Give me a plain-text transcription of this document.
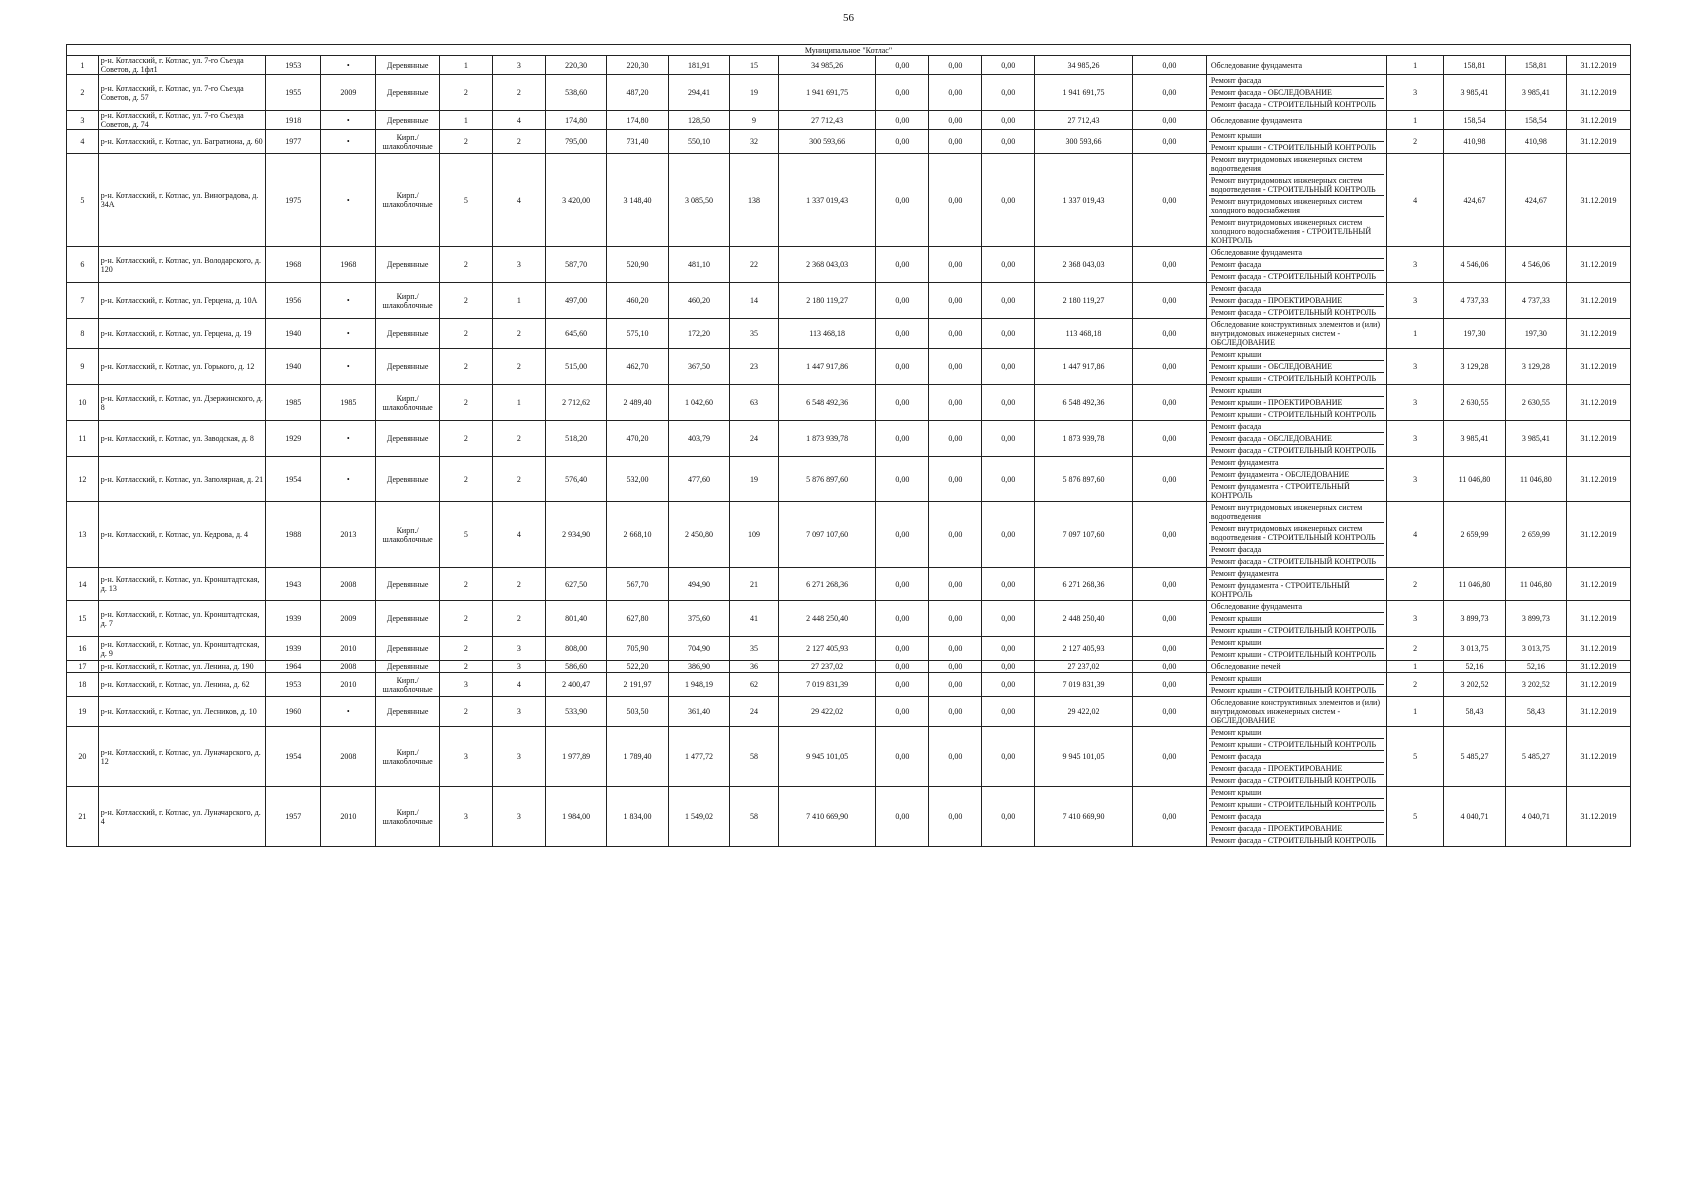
56
Муниципальное "Котлас"																					
1	р-н. Котласский, г. Котлас, ул. 7-го Съезда Советов, д. 1фл1	1953	•	Деревянные	1	3	220,30	220,30	181,91	15	34 985,26	0,00	0,00	0,00	34 985,26	0,00	Обследование фундамента	1	158,81	158,81	31.12.2019
2	р-н. Котласский, г. Котлас, ул. 7-го Съезда Советов, д. 57	1955	2009	Деревянные	2	2	538,60	487,20	294,41	19	1 941 691,75	0,00	0,00	0,00	1 941 691,75	0,00	Ремонт фасада
Ремонт фасада - ОБСЛЕДОВАНИЕ
Ремонт фасада - СТРОИТЕЛЬНЫЙ КОНТРОЛЬ	3	3 985,41	3 985,41	31.12.2019
3	р-н. Котласский, г. Котлас, ул. 7-го Съезда Советов, д. 74	1918	•	Деревянные	1	4	174,80	174,80	128,50	9	27 712,43	0,00	0,00	0,00	27 712,43	0,00	Обследование фундамента	1	158,54	158,54	31.12.2019
4	р-н. Котласский, г. Котлас, ул. Багратиона, д. 60	1977	•	Кирп./шлакоблочные	2	2	795,00	731,40	550,10	32	300 593,66	0,00	0,00	0,00	300 593,66	0,00	Ремонт крыши
Ремонт крыши - СТРОИТЕЛЬНЫЙ КОНТРОЛЬ	2	410,98	410,98	31.12.2019
5	р-н. Котласский, г. Котлас, ул. Виноградова, д. 34А	1975	•	Кирп./шлакоблочные	5	4	3 420,00	3 148,40	3 085,50	138	1 337 019,43	0,00	0,00	0,00	1 337 019,43	0,00	Ремонт внутридомовых инженерных систем водоотведения
Ремонт внутридомовых инженерных систем водоотведения - СТРОИТЕЛЬНЫЙ КОНТРОЛЬ
Ремонт внутридомовых инженерных систем холодного водоснабжения
Ремонт внутридомовых инженерных систем холодного водоснабжения - СТРОИТЕЛЬНЫЙ КОНТРОЛЬ	4	424,67	424,67	31.12.2019
6	р-н. Котласский, г. Котлас, ул. Володарского, д. 120	1968	1968	Деревянные	2	3	587,70	520,90	481,10	22	2 368 043,03	0,00	0,00	0,00	2 368 043,03	0,00	Обследование фундамента
Ремонт фасада
Ремонт фасада - СТРОИТЕЛЬНЫЙ КОНТРОЛЬ	3	4 546,06	4 546,06	31.12.2019
7	р-н. Котласский, г. Котлас, ул. Герцена, д. 10А	1956	•	Кирп./шлакоблочные	2	1	497,00	460,20	460,20	14	2 180 119,27	0,00	0,00	0,00	2 180 119,27	0,00	Ремонт фасада
Ремонт фасада - ПРОЕКТИРОВАНИЕ
Ремонт фасада - СТРОИТЕЛЬНЫЙ КОНТРОЛЬ	3	4 737,33	4 737,33	31.12.2019
8	р-н. Котласский, г. Котлас, ул. Герцена, д. 19	1940	•	Деревянные	2	2	645,60	575,10	172,20	35	113 468,18	0,00	0,00	0,00	113 468,18	0,00	Обследование конструктивных элементов и (или) внутридомовых инженерных систем - ОБСЛЕДОВАНИЕ	1	197,30	197,30	31.12.2019
9	р-н. Котласский, г. Котлас, ул. Горького, д. 12	1940	•	Деревянные	2	2	515,00	462,70	367,50	23	1 447 917,86	0,00	0,00	0,00	1 447 917,86	0,00	Ремонт крыши
Ремонт крыши - ОБСЛЕДОВАНИЕ
Ремонт крыши - СТРОИТЕЛЬНЫЙ КОНТРОЛЬ	3	3 129,28	3 129,28	31.12.2019
10	р-н. Котласский, г. Котлас, ул. Дзержинского, д. 8	1985	1985	Кирп./шлакоблочные	2	1	2 712,62	2 489,40	1 042,60	63	6 548 492,36	0,00	0,00	0,00	6 548 492,36	0,00	Ремонт крыши
Ремонт крыши - ПРОЕКТИРОВАНИЕ
Ремонт крыши - СТРОИТЕЛЬНЫЙ КОНТРОЛЬ	3	2 630,55	2 630,55	31.12.2019
11	р-н. Котласский, г. Котлас, ул. Заводская, д. 8	1929	•	Деревянные	2	2	518,20	470,20	403,79	24	1 873 939,78	0,00	0,00	0,00	1 873 939,78	0,00	Ремонт фасада
Ремонт фасада - ОБСЛЕДОВАНИЕ
Ремонт фасада - СТРОИТЕЛЬНЫЙ КОНТРОЛЬ	3	3 985,41	3 985,41	31.12.2019
12	р-н. Котласский, г. Котлас, ул. Заполярная, д. 21	1954	•	Деревянные	2	2	576,40	532,00	477,60	19	5 876 897,60	0,00	0,00	0,00	5 876 897,60	0,00	Ремонт фундамента
Ремонт фундамента - ОБСЛЕДОВАНИЕ
Ремонт фундамента - СТРОИТЕЛЬНЫЙ КОНТРОЛЬ	3	11 046,80	11 046,80	31.12.2019
13	р-н. Котласский, г. Котлас, ул. Кедрова, д. 4	1988	2013	Кирп./шлакоблочные	5	4	2 934,90	2 668,10	2 450,80	109	7 097 107,60	0,00	0,00	0,00	7 097 107,60	0,00	Ремонт внутридомовых инженерных систем водоотведения
Ремонт внутридомовых инженерных систем водоотведения - СТРОИТЕЛЬНЫЙ КОНТРОЛЬ
Ремонт фасада
Ремонт фасада - СТРОИТЕЛЬНЫЙ КОНТРОЛЬ	4	2 659,99	2 659,99	31.12.2019
14	р-н. Котласский, г. Котлас, ул. Кронштадтская, д. 13	1943	2008	Деревянные	2	2	627,50	567,70	494,90	21	6 271 268,36	0,00	0,00	0,00	6 271 268,36	0,00	Ремонт фундамента
Ремонт фундамента - СТРОИТЕЛЬНЫЙ КОНТРОЛЬ	2	11 046,80	11 046,80	31.12.2019
15	р-н. Котласский, г. Котлас, ул. Кронштадтская, д. 7	1939	2009	Деревянные	2	2	801,40	627,80	375,60	41	2 448 250,40	0,00	0,00	0,00	2 448 250,40	0,00	Обследование фундамента
Ремонт крыши
Ремонт крыши - СТРОИТЕЛЬНЫЙ КОНТРОЛЬ	3	3 899,73	3 899,73	31.12.2019
16	р-н. Котласский, г. Котлас, ул. Кронштадтская, д. 9	1939	2010	Деревянные	2	3	808,00	705,90	704,90	35	2 127 405,93	0,00	0,00	0,00	2 127 405,93	0,00	Ремонт крыши
Ремонт крыши - СТРОИТЕЛЬНЫЙ КОНТРОЛЬ	2	3 013,75	3 013,75	31.12.2019
17	р-н. Котласский, г. Котлас, ул. Ленина, д. 190	1964	2008	Деревянные	2	3	586,60	522,20	386,90	36	27 237,02	0,00	0,00	0,00	27 237,02	0,00	Обследование печей	1	52,16	52,16	31.12.2019
18	р-н. Котласский, г. Котлас, ул. Ленина, д. 62	1953	2010	Кирп./шлакоблочные	3	4	2 400,47	2 191,97	1 948,19	62	7 019 831,39	0,00	0,00	0,00	7 019 831,39	0,00	Ремонт крыши
Ремонт крыши - СТРОИТЕЛЬНЫЙ КОНТРОЛЬ	2	3 202,52	3 202,52	31.12.2019
19	р-н. Котласский, г. Котлас, ул. Лесников, д. 10	1960	•	Деревянные	2	3	533,90	503,50	361,40	24	29 422,02	0,00	0,00	0,00	29 422,02	0,00	Обследование конструктивных элементов и (или) внутридомовых инженерных систем - ОБСЛЕДОВАНИЕ	1	58,43	58,43	31.12.2019
20	р-н. Котласский, г. Котлас, ул. Луначарского, д. 12	1954	2008	Кирп./шлакоблочные	3	3	1 977,89	1 789,40	1 477,72	58	9 945 101,05	0,00	0,00	0,00	9 945 101,05	0,00	Ремонт крыши
Ремонт крыши - СТРОИТЕЛЬНЫЙ КОНТРОЛЬ
Ремонт фасада
Ремонт фасада - ПРОЕКТИРОВАНИЕ
Ремонт фасада - СТРОИТЕЛЬНЫЙ КОНТРОЛЬ	5	5 485,27	5 485,27	31.12.2019
21	р-н. Котласский, г. Котлас, ул. Луначарского, д. 4	1957	2010	Кирп./шлакоблочные	3	3	1 984,00	1 834,00	1 549,02	58	7 410 669,90	0,00	0,00	0,00	7 410 669,90	0,00	Ремонт крыши
Ремонт крыши - СТРОИТЕЛЬНЫЙ КОНТРОЛЬ
Ремонт фасада
Ремонт фасада - ПРОЕКТИРОВАНИЕ
Ремонт фасада - СТРОИТЕЛЬНЫЙ КОНТРОЛЬ	5	4 040,71	4 040,71	31.12.2019
